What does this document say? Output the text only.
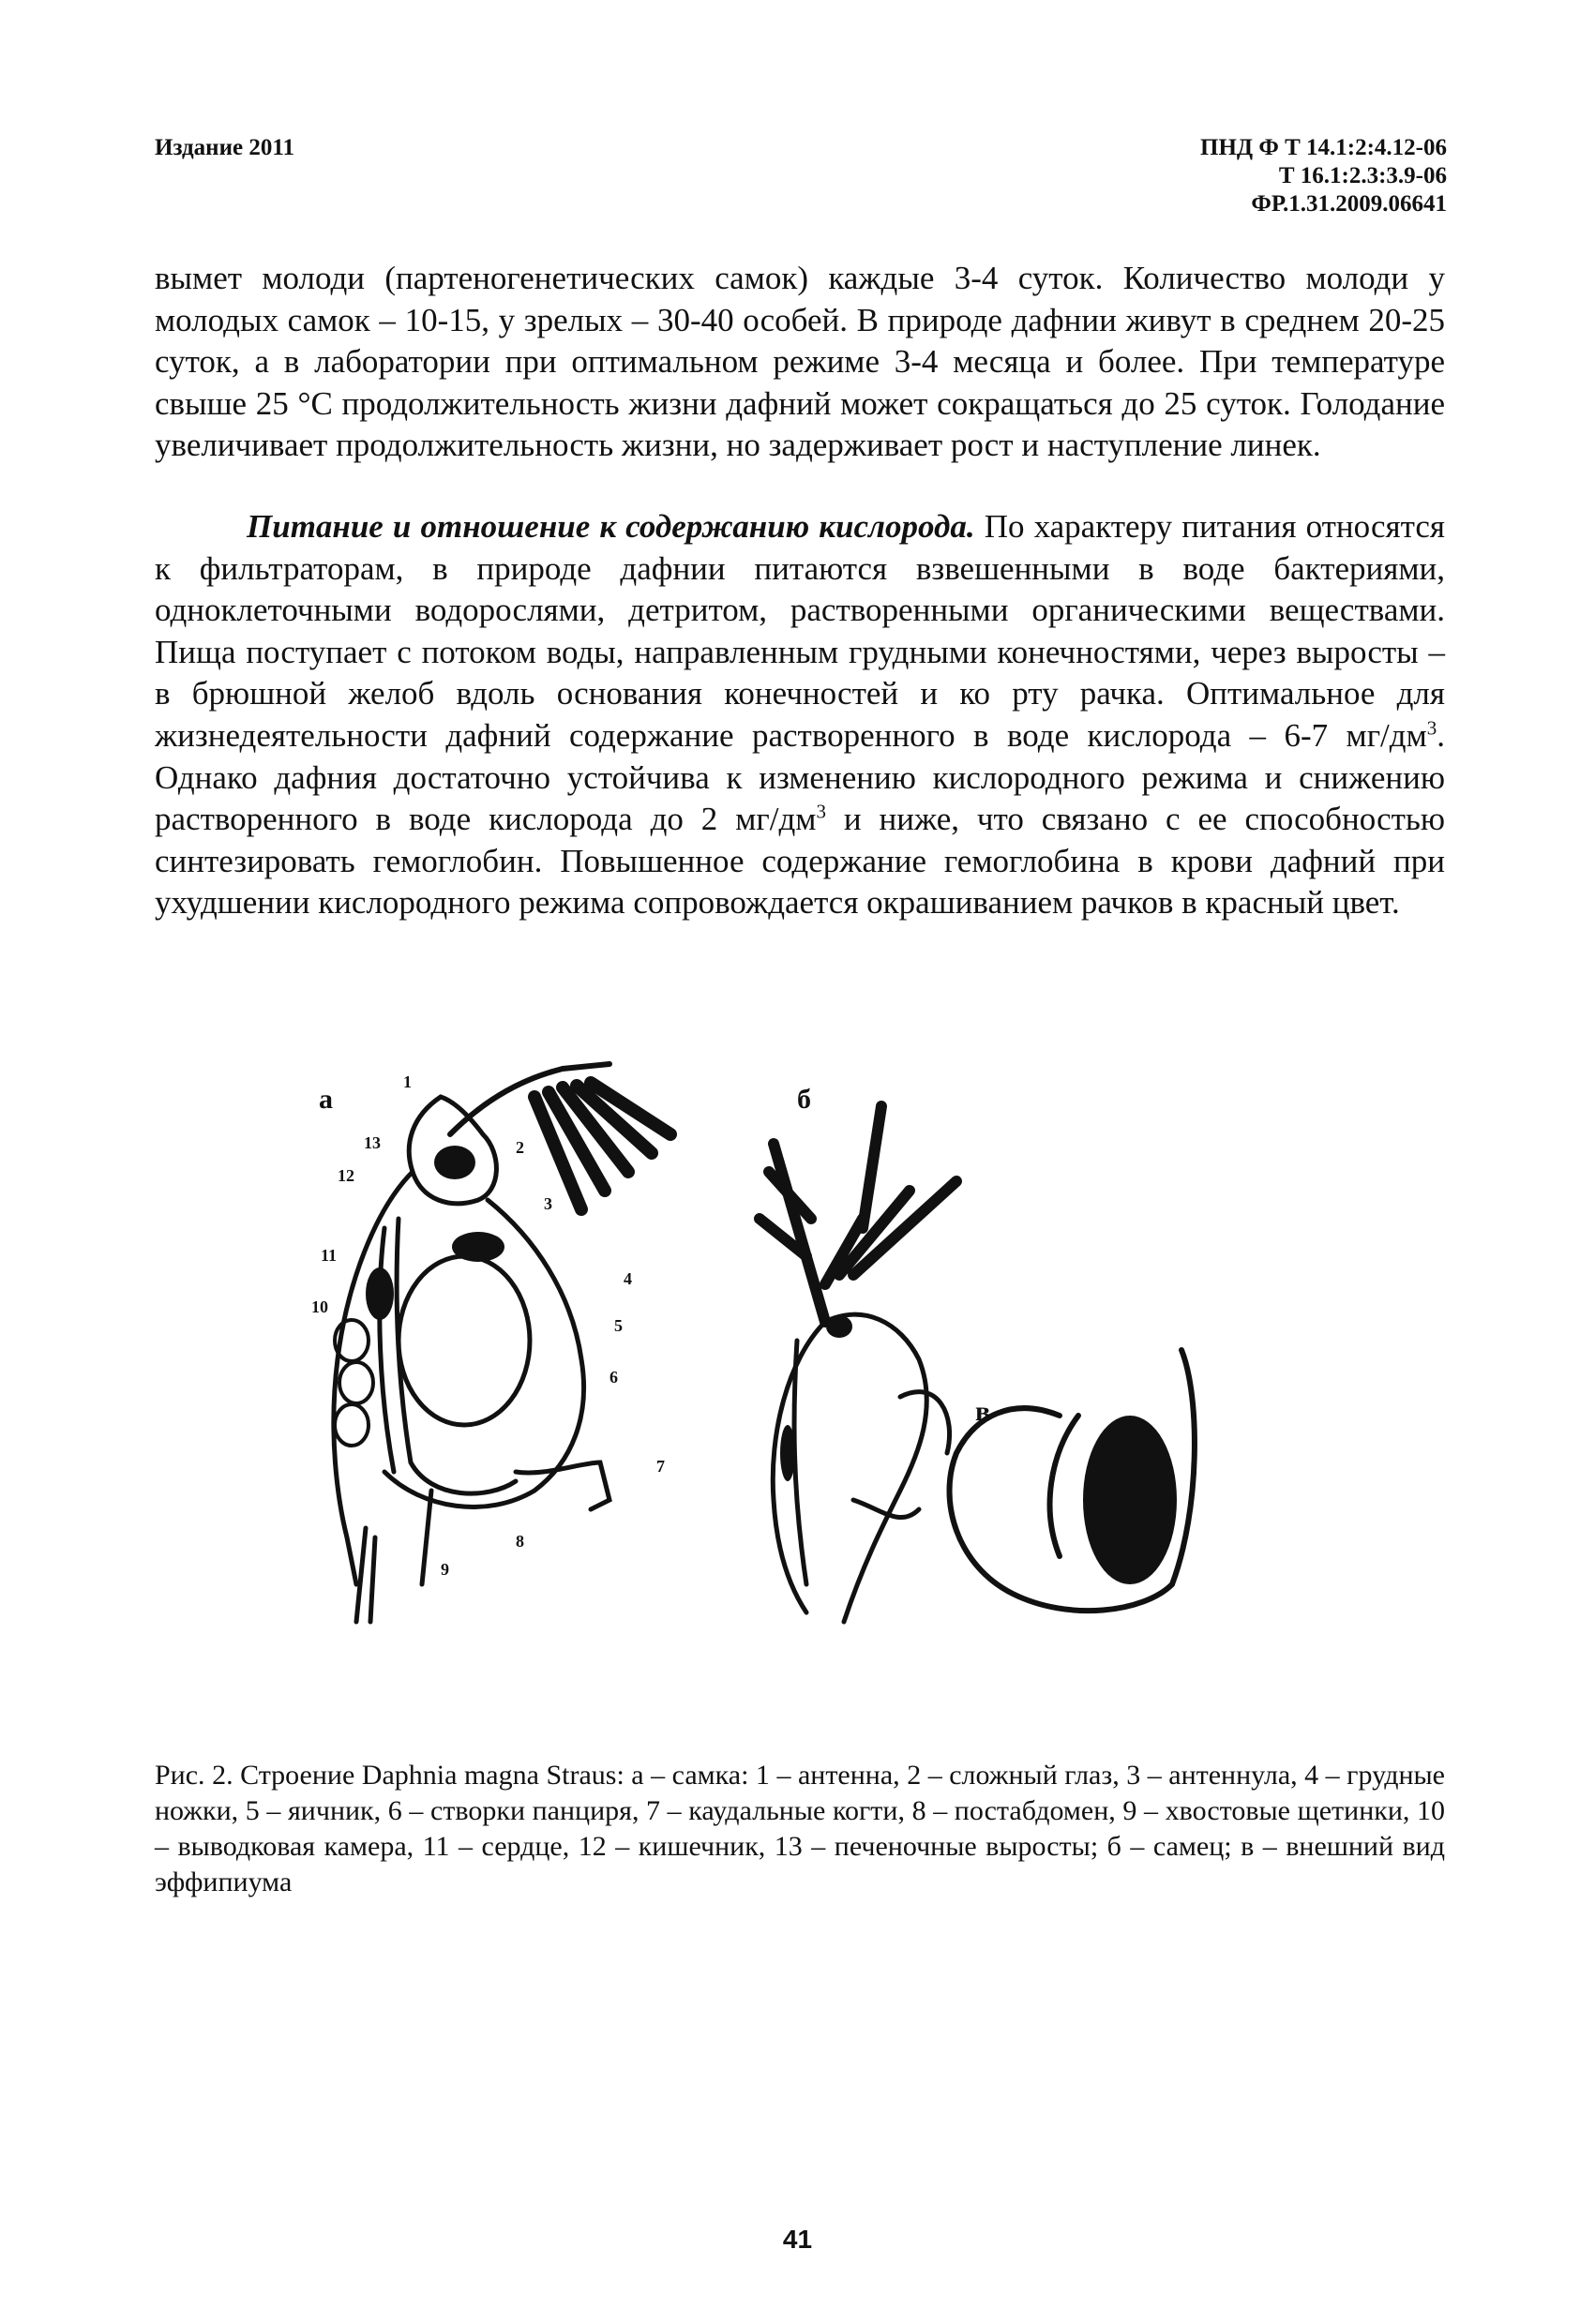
Издание 2011	ПНД Ф Т 14.1:2:4.12-06
Т 16.1:2.3:3.9-06
ФР.1.31.2009.06641
вымет молоди (партеногенетических самок) каждые 3-4 суток. Количество молоди у молодых самок – 10-15, у зрелых – 30-40 особей. В природе дафнии живут в среднем 20-25 суток, а в лаборатории при оптимальном режиме 3-4 месяца и более. При температуре свыше 25 °С продолжительность жизни дафний может сокращаться до 25 суток. Голодание увеличивает продолжительность жизни, но задерживает рост и наступление линек.
Питание и отношение к содержанию кислорода. По характеру питания относятся к фильтраторам, в природе дафнии питаются взвешенными в воде бактериями, одноклеточными водорослями, детритом, растворенными органическими веществами. Пища поступает с потоком воды, направленным грудными конечностями, через выросты – в брюшной желоб вдоль основания конечностей и ко рту рачка. Оптимальное для жизнедеятельности дафний содержание растворенного в воде кислорода – 6-7 $мг/дм^3$. Однако дафния достаточно устойчива к изменению кислородного режима и снижению растворенного в воде кислорода до 2 $мг/дм^3$ и ниже, что связано с ее способностью синтезировать гемоглобин. Повышенное содержание гемоглобина в крови дафний при ухудшении кислородного режима сопровождается окрашиванием рачков в красный цвет.
а
1
2
3
4
5
6
7
8
9
10
11
12
13
б
в
Рис. 2. Строение Daphnia magna Straus: а – самка: 1 – антенна, 2 – сложный глаз, 3 – антеннула, 4 – грудные ножки, 5 – яичник, 6 – створки панциря, 7 – каудальные когти, 8 – постабдомен, 9 – хвостовые щетинки, 10 – выводковая камера, 11 – сердце, 12 – кишечник, 13 – печеночные выросты; б – самец; в – внешний вид эффипиума
41
